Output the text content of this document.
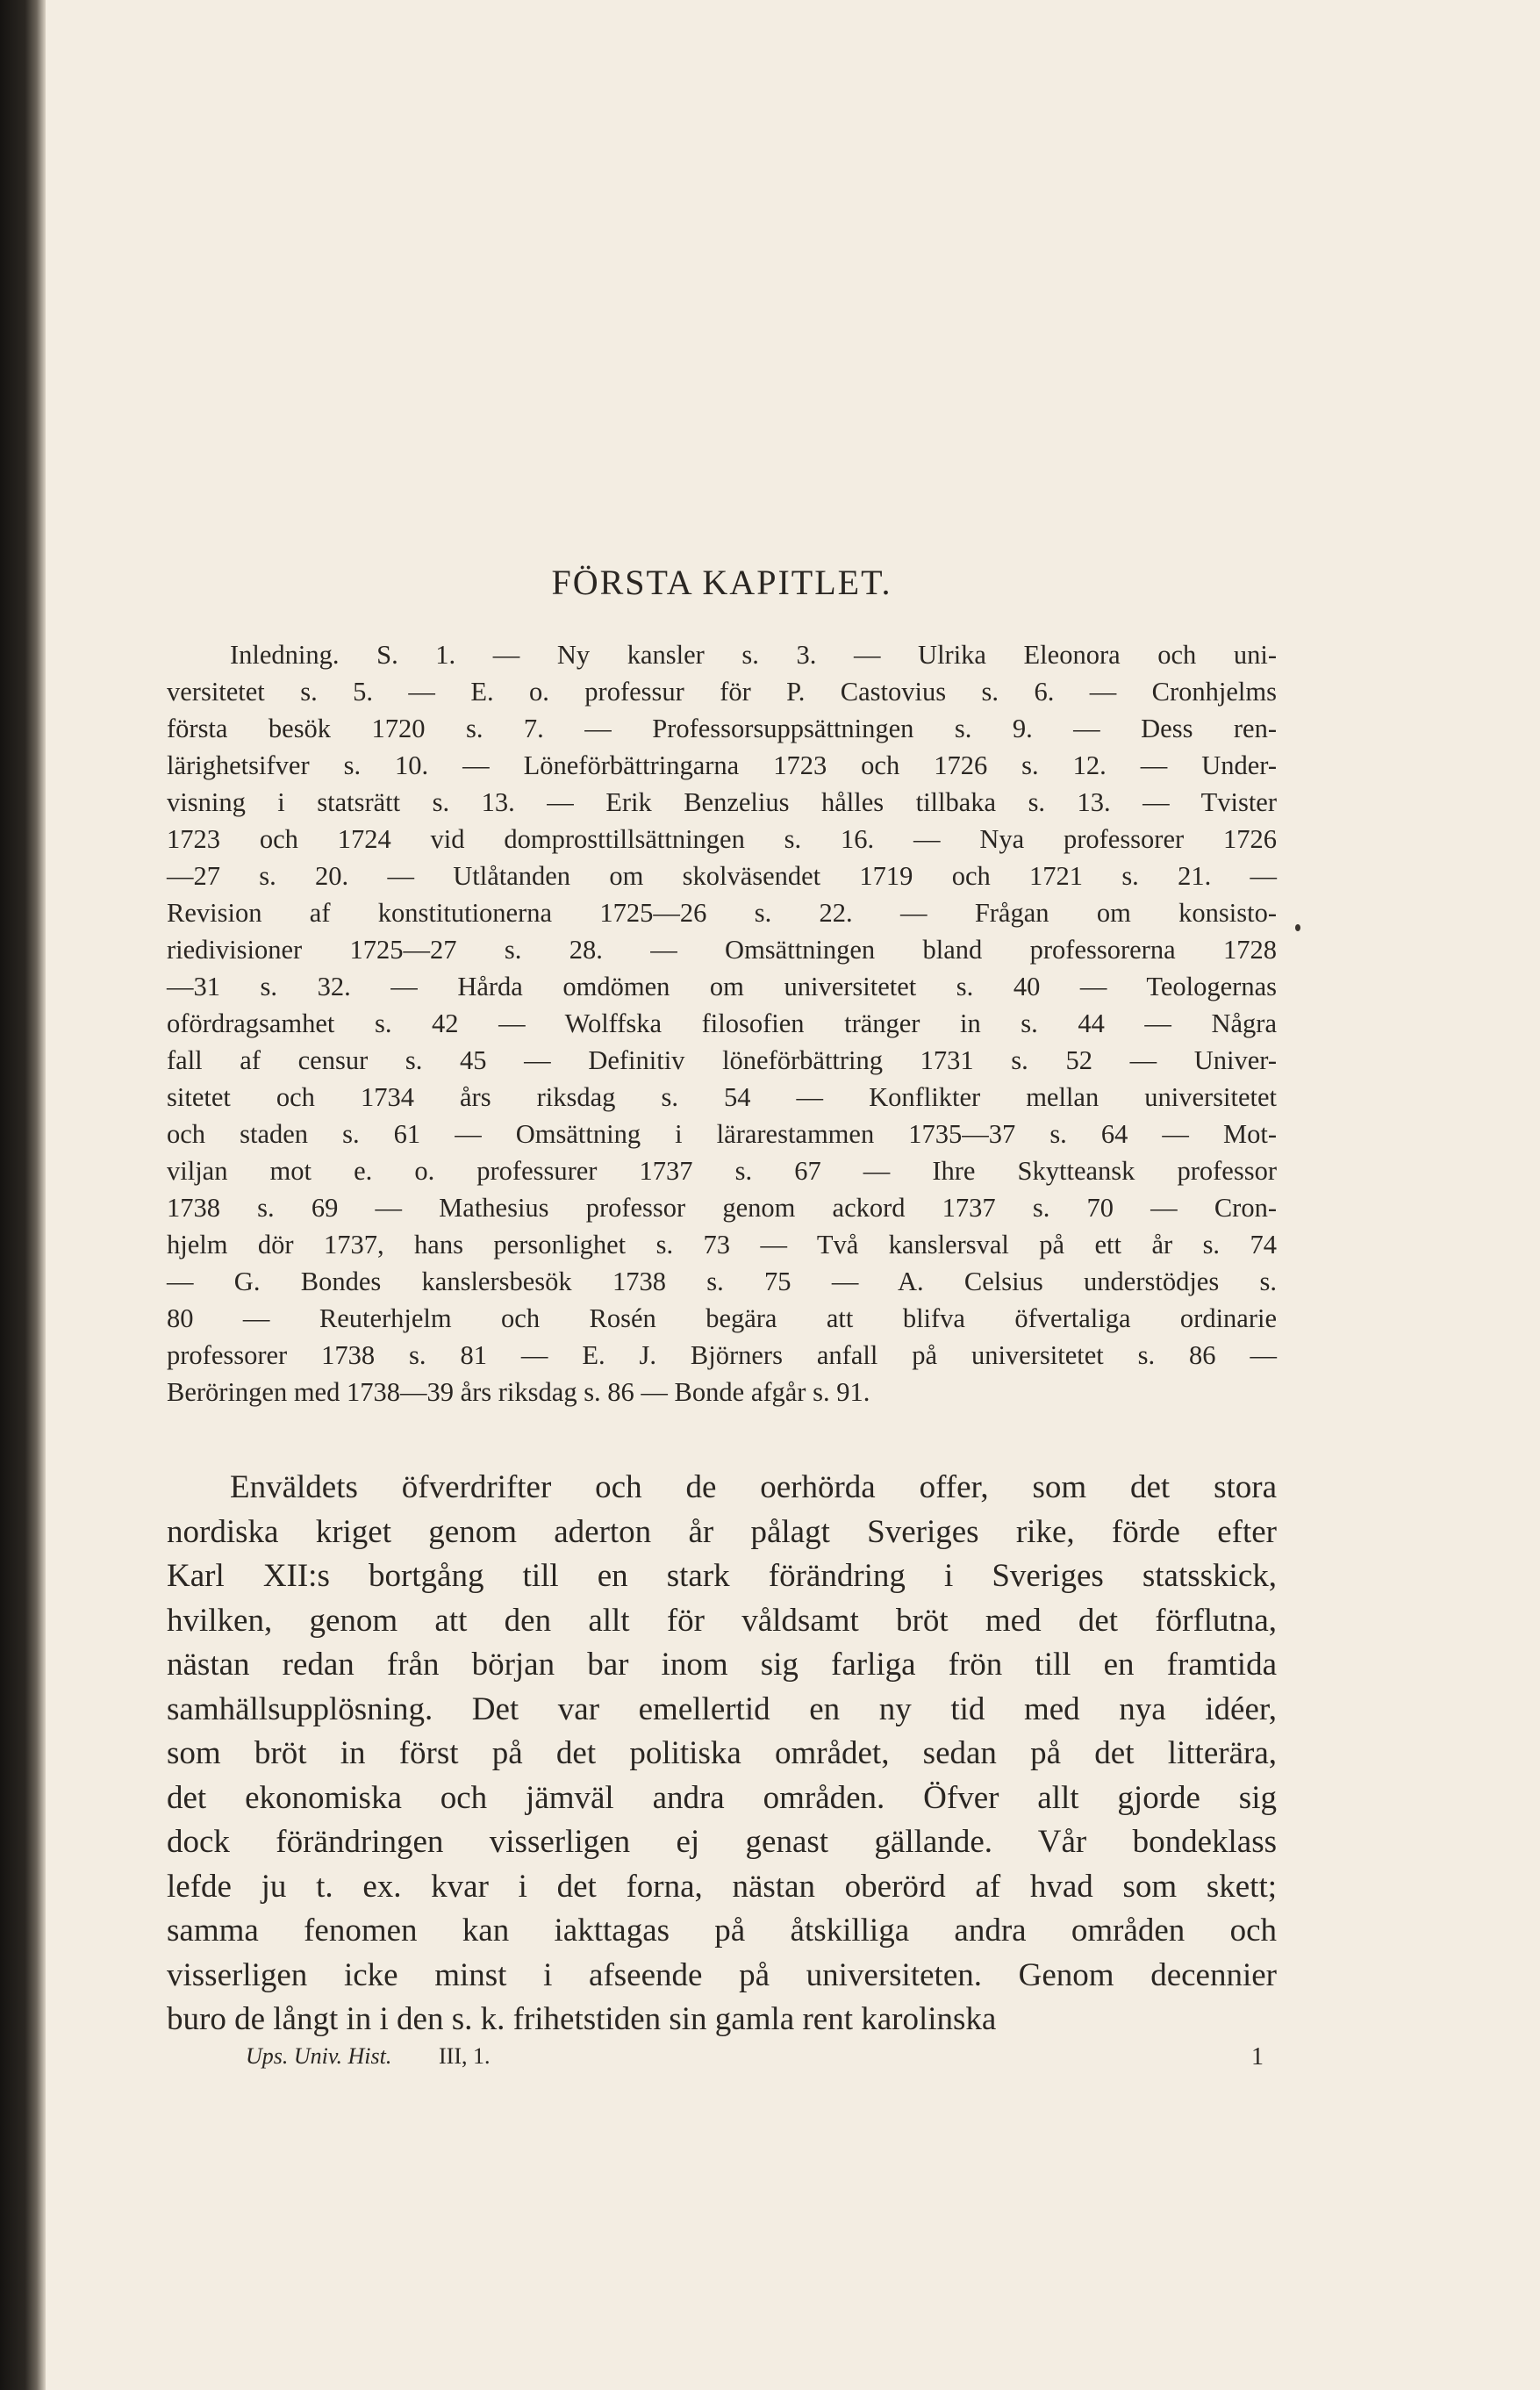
FÖRSTA KAPITLET.
Inledning. S. 1. — Ny kansler s. 3. — Ulrika Eleonora och uni-
versitetet s. 5. — E. o. professur för P. Castovius s. 6. — Cronhjelms
första besök 1720 s. 7. — Professorsuppsättningen s. 9. — Dess ren-
lärighetsifver s. 10. — Löneförbättringarna 1723 och 1726 s. 12. — Under-
visning i statsrätt s. 13. — Erik Benzelius hålles tillbaka s. 13. — Tvister
1723 och 1724 vid domprosttillsättningen s. 16. — Nya professorer 1726
—27 s. 20. — Utlåtanden om skolväsendet 1719 och 1721 s. 21. —
Revision af konstitutionerna 1725—26 s. 22. — Frågan om konsisto-
riedivisioner 1725—27 s. 28. — Omsättningen bland professorerna 1728
—31 s. 32. — Hårda omdömen om universitetet s. 40 — Teologernas
ofördragsamhet s. 42 — Wolffska filosofien tränger in s. 44 — Några
fall af censur s. 45 — Definitiv löneförbättring 1731 s. 52 — Univer-
sitetet och 1734 års riksdag s. 54 — Konflikter mellan universitetet
och staden s. 61 — Omsättning i lärarestammen 1735—37 s. 64 — Mot-
viljan mot e. o. professurer 1737 s. 67 — Ihre Skytteansk professor
1738 s. 69 — Mathesius professor genom ackord 1737 s. 70 — Cron-
hjelm dör 1737, hans personlighet s. 73 — Två kanslersval på ett år s. 74
— G. Bondes kanslersbesök 1738 s. 75 — A. Celsius understödjes s.
80 — Reuterhjelm och Rosén begära att blifva öfvertaliga ordinarie
professorer 1738 s. 81 — E. J. Björners anfall på universitetet s. 86 —
Beröringen med 1738—39 års riksdag s. 86 — Bonde afgår s. 91.
Enväldets öfverdrifter och de oerhörda offer, som det stora
nordiska kriget genom aderton år pålagt Sveriges rike, förde efter
Karl XII:s bortgång till en stark förändring i Sveriges statsskick,
hvilken, genom att den allt för våldsamt bröt med det förflutna,
nästan redan från början bar inom sig farliga frön till en framtida
samhällsupplösning. Det var emellertid en ny tid med nya idéer,
som bröt in först på det politiska området, sedan på det litterära,
det ekonomiska och jämväl andra områden. Öfver allt gjorde sig
dock förändringen visserligen ej genast gällande. Vår bondeklass
lefde ju t. ex. kvar i det forna, nästan oberörd af hvad som skett;
samma fenomen kan iakttagas på åtskilliga andra områden och
visserligen icke minst i afseende på universiteten. Genom decennier
buro de långt in i den s. k. frihetstiden sin gamla rent karolinska
Ups. Univ. Hist. III, 1.	1
